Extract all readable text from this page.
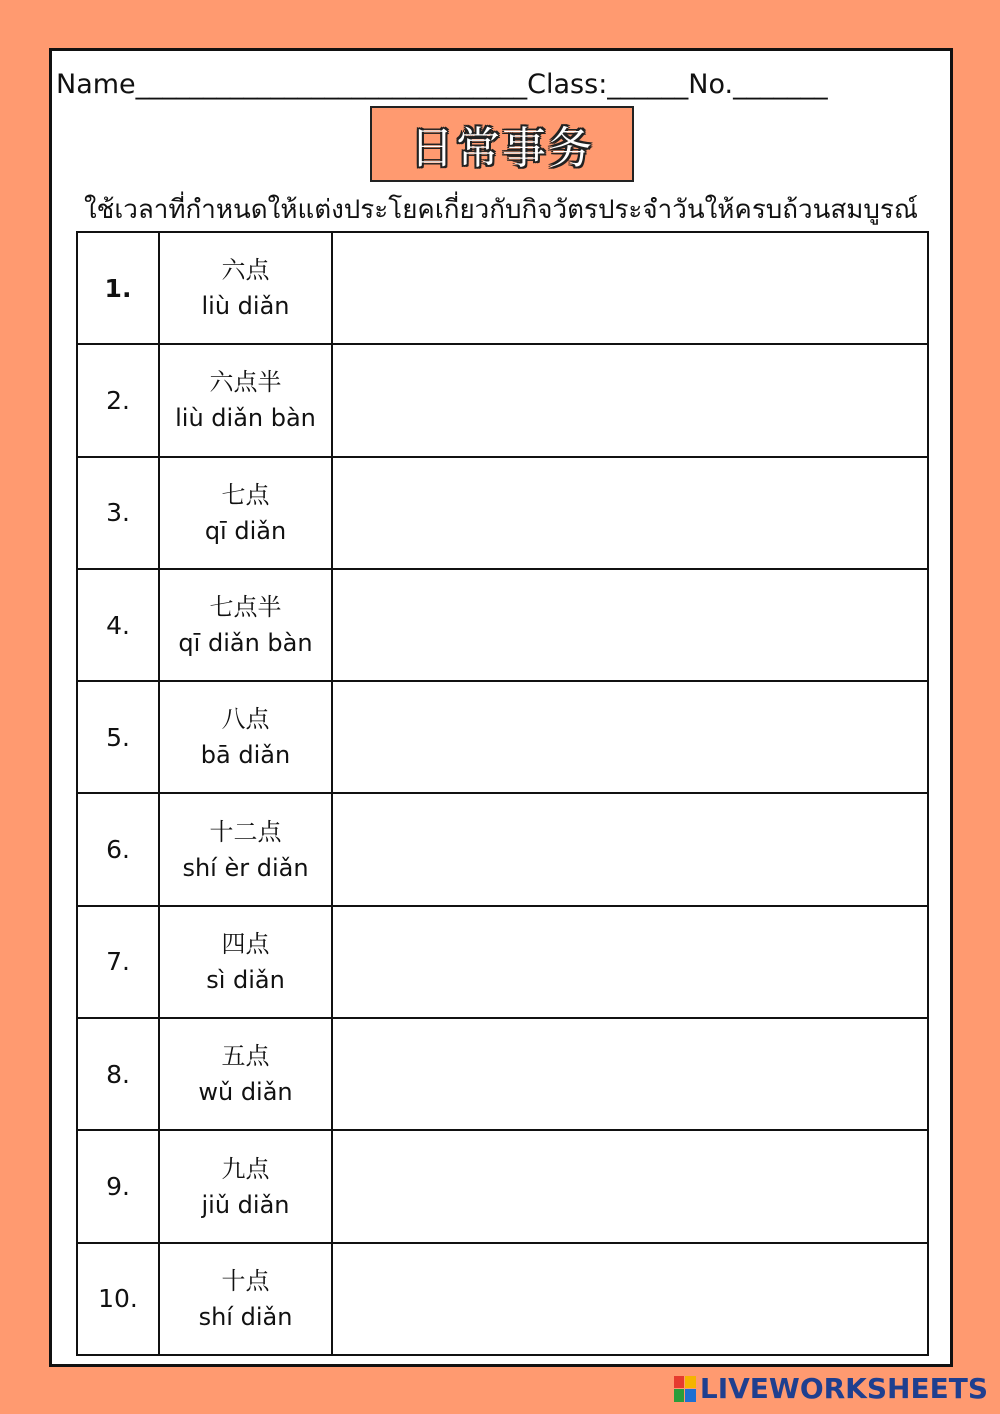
Name_____________________________Class:______No._______
日常事务
ใช้เวลาที่กำหนดให้แต่งประโยคเกี่ยวกับกิจวัตรประจำวันให้ครบถ้วนสมบูรณ์
1.	六点
liù diǎn	

2.	六点半
liù diǎn bàn	

3.	七点
qī diǎn	

4.	七点半
qī diǎn bàn	

5.	八点
bā diǎn	

6.	十二点
shí èr diǎn	

7.	四点
sì diǎn	

8.	五点
wǔ diǎn	

9.	九点
jiǔ diǎn	

10.	十点
shí diǎn	

LIVEWORKSHEETS
